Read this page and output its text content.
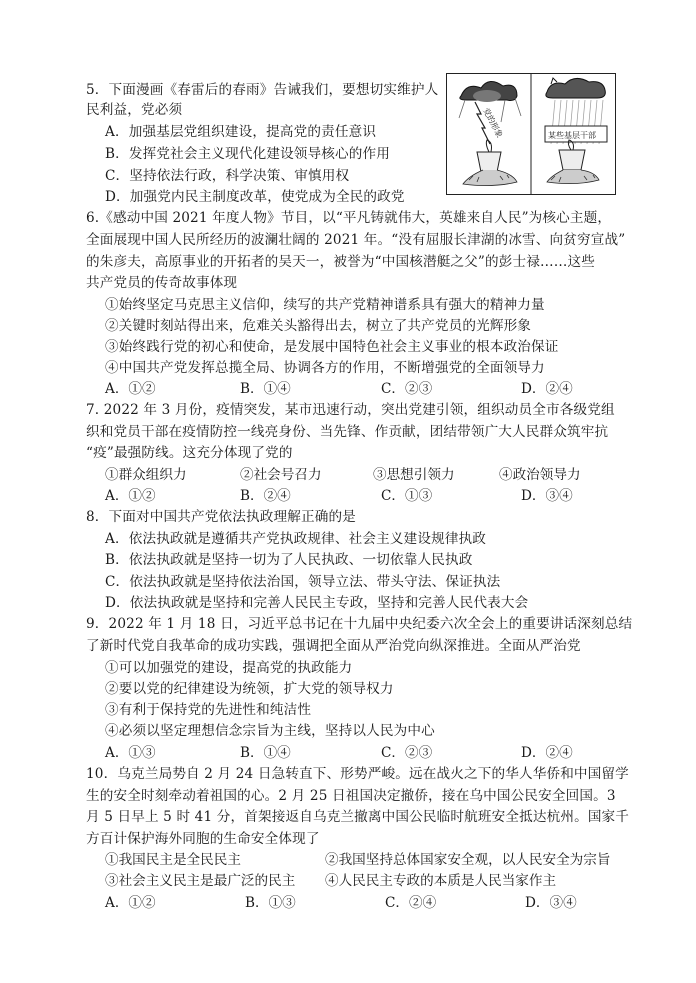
5．下面漫画《春雷后的春雨》告诫我们，要想切实维护人
民利益，党必须
A．加强基层党组织建设，提高党的责任意识
B．发挥党社会主义现代化建设领导核心的作用
C．坚持依法行政，科学决策、审慎用权
D．加强党内民主制度改革，使党成为全民的政党
党的形象	某些基层干部
6.《感动中国 2021 年度人物》节目，以“平凡铸就伟大，英雄来自人民”为核心主题，
全面展现中国人民所经历的波澜壮阔的 2021 年。“没有屈服长津湖的冰雪、向贫穷宣战”
的朱彦夫，高原事业的开拓者的吴天一，被誉为“中国核潜艇之父”的彭士禄……这些
共产党员的传奇故事体现
①始终坚定马克思主义信仰，续写的共产党精神谱系具有强大的精神力量
②关键时刻站得出来，危难关头豁得出去，树立了共产党员的光辉形象
③始终践行党的初心和使命，是发展中国特色社会主义事业的根本政治保证
④中国共产党发挥总揽全局、协调各方的作用，不断增强党的全面领导力
A．①②	B．①④	C．②③	D．②④
7. 2022 年 3 月份，疫情突发，某市迅速行动，突出党建引领，组织动员全市各级党组
织和党员干部在疫情防控一线亮身份、当先锋、作贡献，团结带领广大人民群众筑牢抗
“疫”最强防线。这充分体现了党的
①群众组织力	②社会号召力	③思想引领力	④政治领导力
A．①②	B．②④	C．①③	D．③④
8．下面对中国共产党依法执政理解正确的是
A．依法执政就是遵循共产党执政规律、社会主义建设规律执政
B．依法执政就是坚持一切为了人民执政、一切依靠人民执政
C．依法执政就是坚持依法治国，领导立法、带头守法、保证执法
D．依法执政就是坚持和完善人民民主专政，坚持和完善人民代表大会
9．2022 年 1 月 18 日，习近平总书记在十九届中央纪委六次全会上的重要讲话深刻总结
了新时代党自我革命的成功实践，强调把全面从严治党向纵深推进。全面从严治党
①可以加强党的建设，提高党的执政能力
②要以党的纪律建设为统领，扩大党的领导权力
③有利于保持党的先进性和纯洁性
④必须以坚定理想信念宗旨为主线，坚持以人民为中心
A．①③	B．①④	C．②③	D．②④
10．乌克兰局势自 2 月 24 日急转直下、形势严峻。远在战火之下的华人华侨和中国留学
生的安全时刻牵动着祖国的心。2 月 25 日祖国决定撤侨，接在乌中国公民安全回国。3
月 5 日早上 5 时 41 分，首架接返自乌克兰撤离中国公民临时航班安全抵达杭州。国家千
方百计保护海外同胞的生命安全体现了
①我国民主是全民民主	②我国坚持总体国家安全观，以人民安全为宗旨
③社会主义民主是最广泛的民主 ④人民民主专政的本质是人民当家作主
A．①②	B．①③	C．②④	D．③④
